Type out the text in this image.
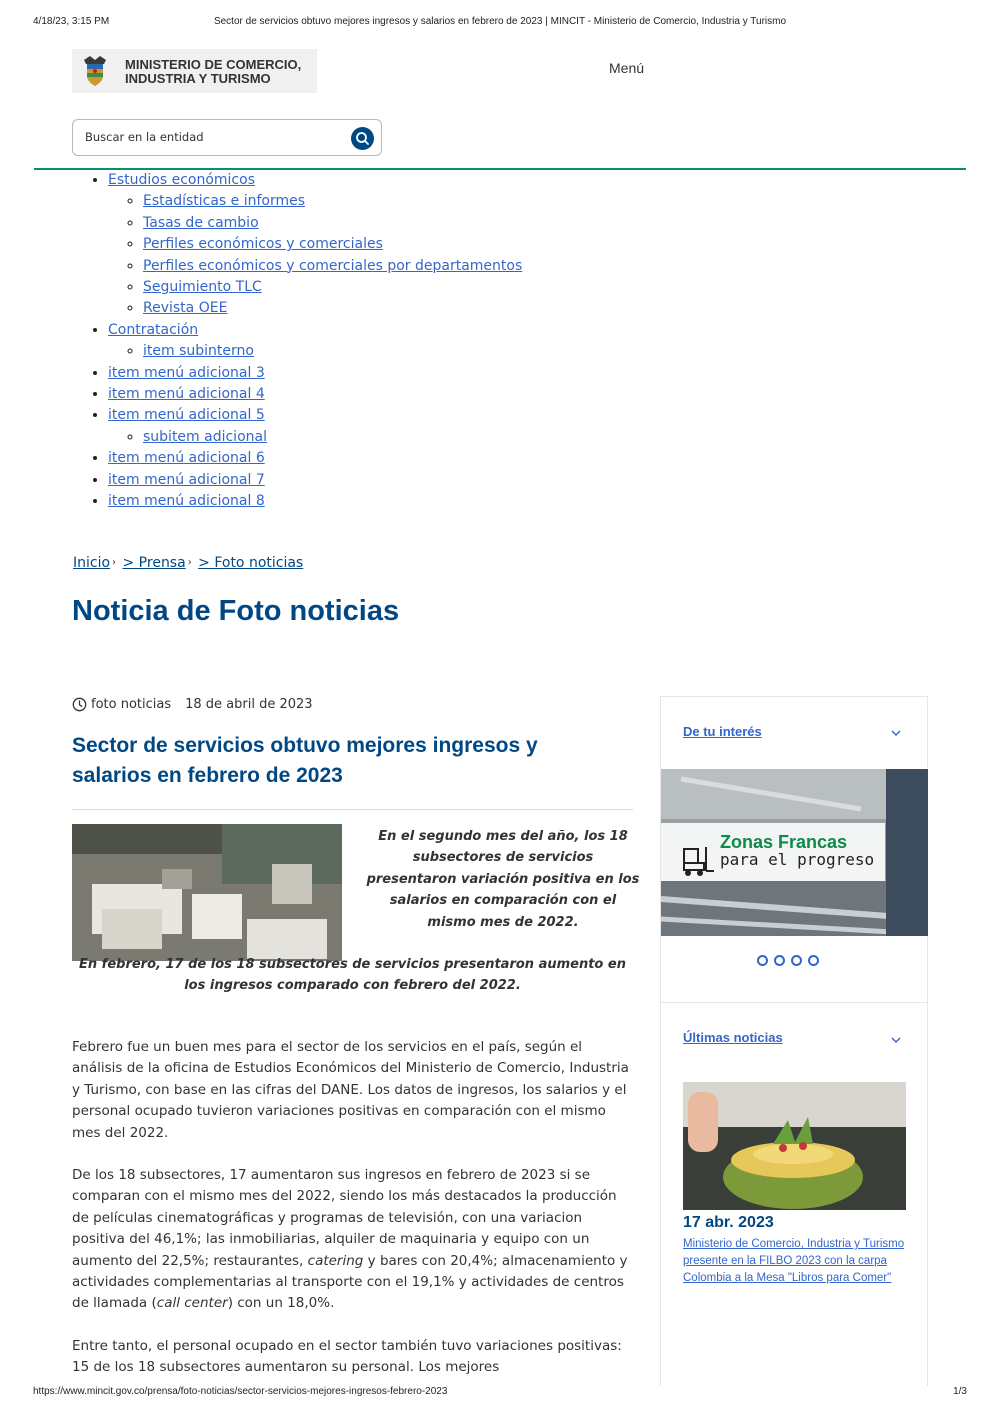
4/18/23, 3:15 PM	Sector de servicios obtuvo mejores ingresos y salarios en febrero de 2023 | MINCIT - Ministerio de Comercio, Industria y Turismo
MINISTERIO DE COMERCIO,
INDUSTRIA Y TURISMO
Menú
Buscar en la entidad
• Estudios económicos
◦ Estadísticas e informes
◦ Tasas de cambio
◦ Perfiles económicos y comerciales
◦ Perfiles económicos y comerciales por departamentos
◦ Seguimiento TLC
◦ Revista OEE
• Contratación
◦ item subinterno
• item menú adicional 3
• item menú adicional 4
• item menú adicional 5
◦ subitem adicional
• item menú adicional 6
• item menú adicional 7
• item menú adicional 8
Inicio › > Prensa › > Foto noticias
Noticia de Foto noticias
foto noticias 18 de abril de 2023
Sector de servicios obtuvo mejores ingresos y
salarios en febrero de 2023

En el segundo mes del año, los 18 subsectores de servicios presentaron variación positiva en los salarios en comparación con el mismo mes de 2022.

En febrero, 17 de los 18 subsectores de servicios presentaron aumento en los ingresos comparado con febrero del 2022.

Febrero fue un buen mes para el sector de los servicios en el país, según el análisis de la oficina de Estudios Económicos del Ministerio de Comercio, Industria y Turismo, con base en las cifras del DANE. Los datos de ingresos, los salarios y el personal ocupado tuvieron variaciones positivas en comparación con el mismo mes del 2022.

De los 18 subsectores, 17 aumentaron sus ingresos en febrero de 2023 si se comparan con el mismo mes del 2022, siendo los más destacados la producción de películas cinematográficas y programas de televisión, con una variacion positiva del 46,1%; las inmobiliarias, alquiler de maquinaria y equipo con un aumento del 22,5%; restaurantes, catering y bares con 20,4%; almacenamiento y actividades complementarias al transporte con el 19,1% y actividades de centros de llamada (call center) con un 18,0%.

Entre tanto, el personal ocupado en el sector también tuvo variaciones positivas: 15 de los 18 subsectores aumentaron su personal. Los mejores

De tu interés
Zonas Francas
para el progreso
Últimas noticias
17 abr. 2023
Ministerio de Comercio, Industria y Turismo presente en la FILBO 2023 con la carpa Colombia a la Mesa "Libros para Comer"
https://www.mincit.gov.co/prensa/foto-noticias/sector-servicios-mejores-ingresos-febrero-2023	1/3
